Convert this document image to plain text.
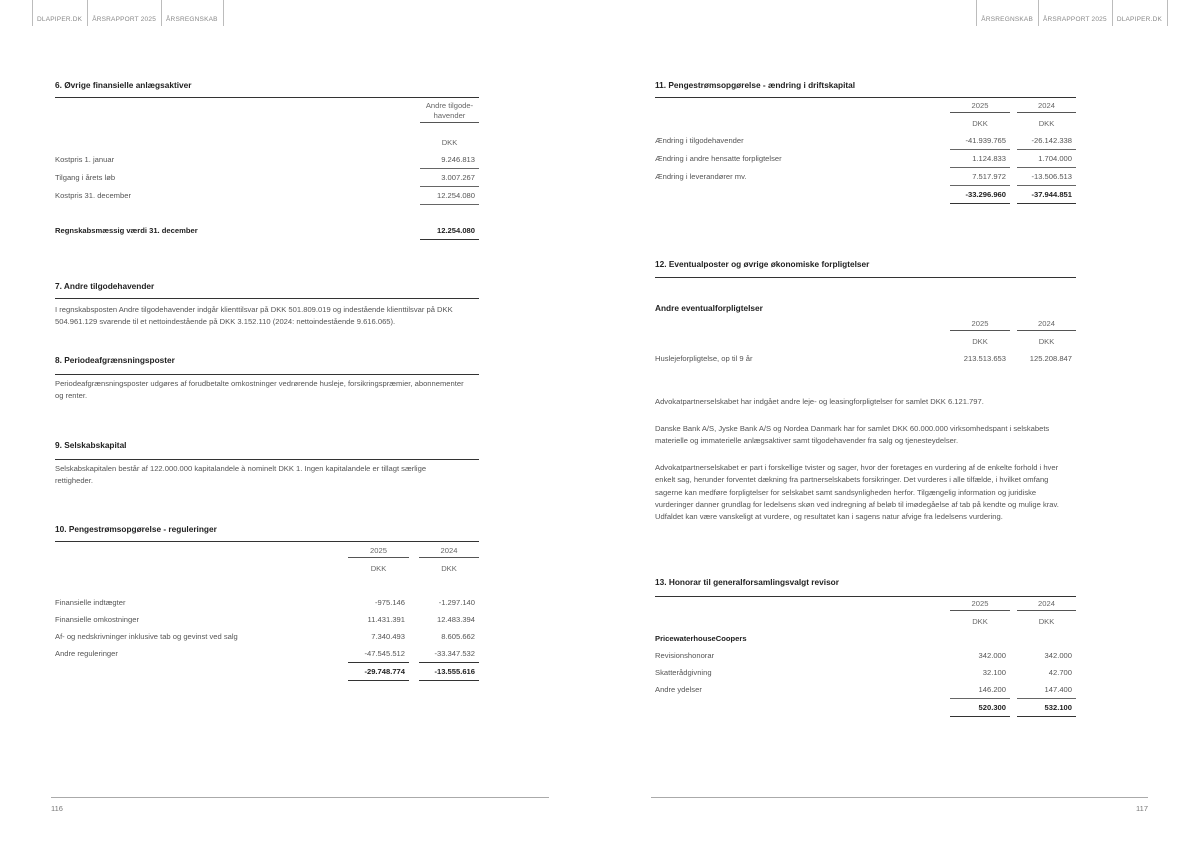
DLAPIPER.DK	ÅRSRAPPORT 2025	ÅRSREGNSKAB	ÅRSREGNSKAB	ÅRSRAPPORT 2025	DLAPIPER.DK
6. Øvrige finansielle anlægsaktiver

	Andre tilgode-havender

	DKK
Kostpris 1. januar	9.246.813

Tilgang i årets løb	3.007.267

Kostpris 31. december	12.254.080

Regnskabsmæssig værdi 31. december	12.254.080
7. Andre tilgodehavender

I regnskabsposten Andre tilgodehavender indgår klienttilsvar på DKK 501.809.019 og indestående klienttilsvar på DKK 504.961.129 svarende til et nettoindestående på DKK 3.152.110 (2024: nettoindestående 9.616.065).

8. Periodeafgrænsningsposter

Periodeafgrænsningsposter udgøres af forudbetalte omkostninger vedrørende husleje, forsikringspræmier, abonnementer og renter.

9. Selskabskapital

Selskabskapitalen består af 122.000.000 kapitalandele à nominelt DKK 1. Ingen kapitalandele er tillagt særlige rettigheder.

10. Pengestrømsopgørelse - reguleringer

	2025		2024

	DKK		DKK

Finansielle indtægter	-975.146		-1.297.140

Finansielle omkostninger	11.431.391		12.483.394

Af- og nedskrivninger inklusive tab og gevinst ved salg	7.340.493		8.605.662

Andre reguleringer	-47.545.512		-33.347.532

	-29.748.774		-13.555.616
11. Pengestrømsopgørelse - ændring i driftskapital

	2025		2024

	DKK		DKK
Ændring i tilgodehavender	-41.939.765		-26.142.338

Ændring i andre hensatte forpligtelser	1.124.833		1.704.000

Ændring i leverandører mv.	7.517.972		-13.506.513

	-33.296.960		-37.944.851
12. Eventualposter og øvrige økonomiske forpligtelser
Andre eventualforpligtelser

	2025		2024

	DKK		DKK
Huslejeforpligtelse, op til 9 år	213.513.653		125.208.847

Advokatpartnerselskabet har indgået andre leje- og leasingforpligtelser for samlet DKK 6.121.797.

Danske Bank A/S, Jyske Bank A/S og Nordea Danmark har for samlet DKK 60.000.000 virksomhedspant i selskabets materielle og immaterielle anlægsaktiver samt tilgodehavender fra salg og tjenesteydelser.

Advokatpartnerselskabet er part i forskellige tvister og sager, hvor der foretages en vurdering af de enkelte forhold i hver enkelt sag, herunder forventet dækning fra partnerselskabets forsikringer. Det vurderes i alle tilfælde, i hvilket omfang sagerne kan medføre forpligtelser for selskabet samt sandsynligheden herfor. Tilgængelig information og juridiske vurderinger danner grundlag for ledelsens skøn ved indregning af beløb til imødegåelse af tab på kendte og mulige krav. Udfaldet kan være vanskeligt at vurdere, og resultatet kan i sagens natur afvige fra ledelsens vurdering.

13. Honorar til generalforsamlingsvalgt revisor

	2025		2024

	DKK		DKK
PricewaterhouseCoopers			
Revisionshonorar	342.000		342.000

Skatterådgivning	32.100		42.700

Andre ydelser	146.200		147.400

	520.300		532.100
116	117
